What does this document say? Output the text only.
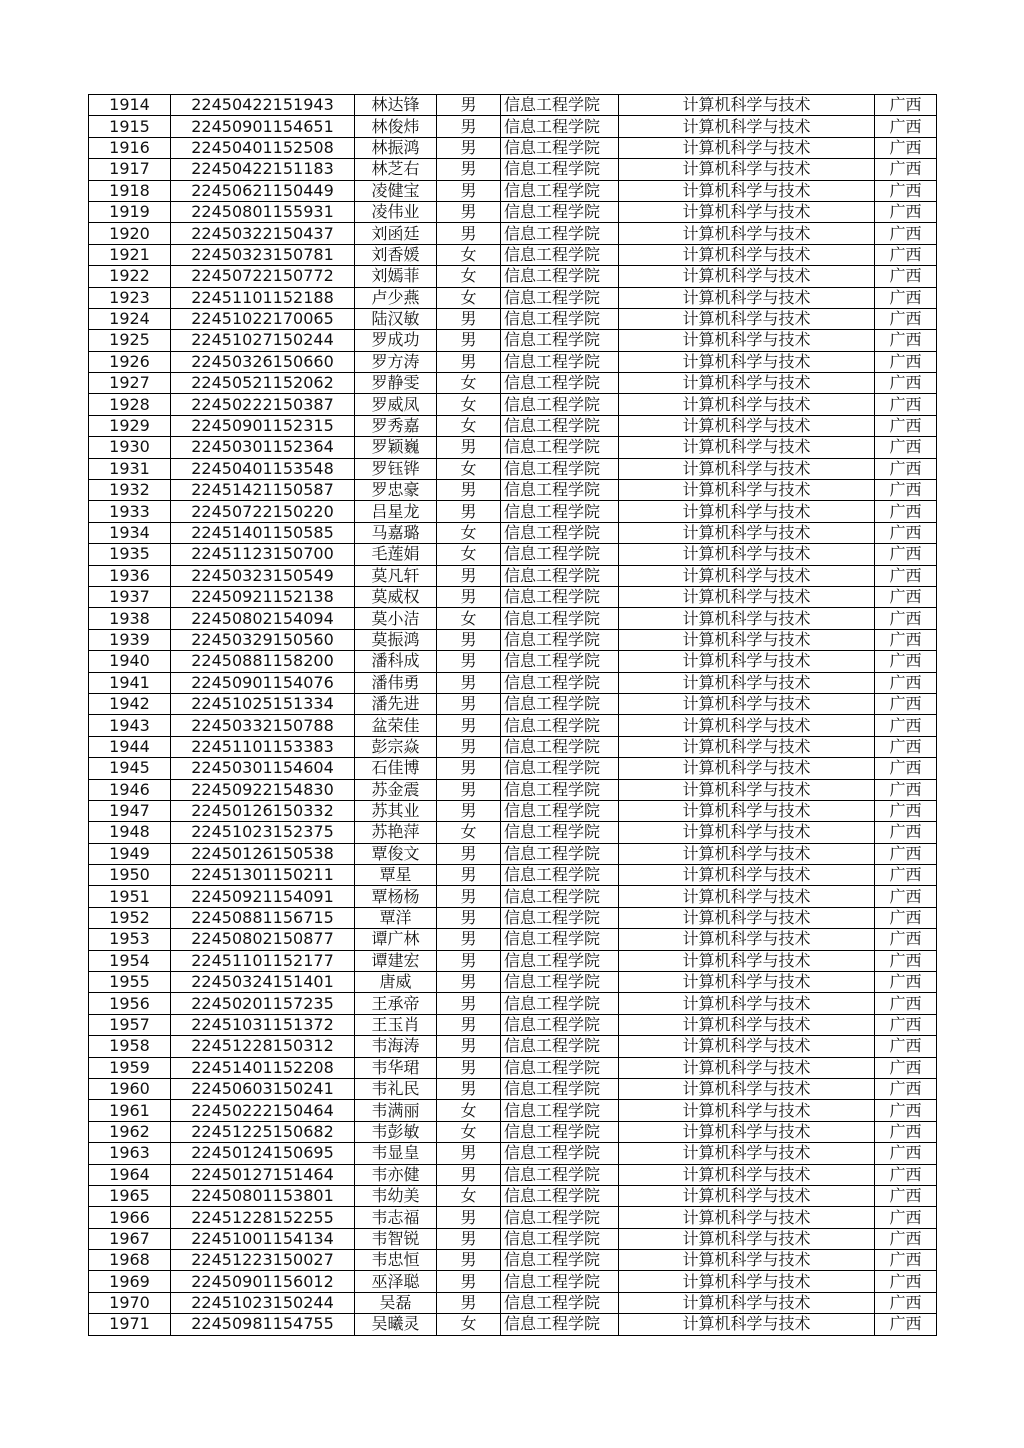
1914	22450422151943	林达锋	男	信息工程学院	计算机科学与技术	广西
1915	22450901154651	林俊炜	男	信息工程学院	计算机科学与技术	广西
1916	22450401152508	林振鸿	男	信息工程学院	计算机科学与技术	广西
1917	22450422151183	林芝右	男	信息工程学院	计算机科学与技术	广西
1918	22450621150449	凌健宝	男	信息工程学院	计算机科学与技术	广西
1919	22450801155931	凌伟业	男	信息工程学院	计算机科学与技术	广西
1920	22450322150437	刘函廷	男	信息工程学院	计算机科学与技术	广西
1921	22450323150781	刘香媛	女	信息工程学院	计算机科学与技术	广西
1922	22450722150772	刘嫣菲	女	信息工程学院	计算机科学与技术	广西
1923	22451101152188	卢少燕	女	信息工程学院	计算机科学与技术	广西
1924	22451022170065	陆汉敏	男	信息工程学院	计算机科学与技术	广西
1925	22451027150244	罗成功	男	信息工程学院	计算机科学与技术	广西
1926	22450326150660	罗方涛	男	信息工程学院	计算机科学与技术	广西
1927	22450521152062	罗静雯	女	信息工程学院	计算机科学与技术	广西
1928	22450222150387	罗威凤	女	信息工程学院	计算机科学与技术	广西
1929	22450901152315	罗秀嘉	女	信息工程学院	计算机科学与技术	广西
1930	22450301152364	罗颖巍	男	信息工程学院	计算机科学与技术	广西
1931	22450401153548	罗钰铧	女	信息工程学院	计算机科学与技术	广西
1932	22451421150587	罗忠豪	男	信息工程学院	计算机科学与技术	广西
1933	22450722150220	吕星龙	男	信息工程学院	计算机科学与技术	广西
1934	22451401150585	马嘉璐	女	信息工程学院	计算机科学与技术	广西
1935	22451123150700	毛莲娟	女	信息工程学院	计算机科学与技术	广西
1936	22450323150549	莫凡轩	男	信息工程学院	计算机科学与技术	广西
1937	22450921152138	莫威权	男	信息工程学院	计算机科学与技术	广西
1938	22450802154094	莫小洁	女	信息工程学院	计算机科学与技术	广西
1939	22450329150560	莫振鸿	男	信息工程学院	计算机科学与技术	广西
1940	22450881158200	潘科成	男	信息工程学院	计算机科学与技术	广西
1941	22450901154076	潘伟勇	男	信息工程学院	计算机科学与技术	广西
1942	22451025151334	潘先进	男	信息工程学院	计算机科学与技术	广西
1943	22450332150788	盆荣佳	男	信息工程学院	计算机科学与技术	广西
1944	22451101153383	彭宗焱	男	信息工程学院	计算机科学与技术	广西
1945	22450301154604	石佳博	男	信息工程学院	计算机科学与技术	广西
1946	22450922154830	苏金震	男	信息工程学院	计算机科学与技术	广西
1947	22450126150332	苏其业	男	信息工程学院	计算机科学与技术	广西
1948	22451023152375	苏艳萍	女	信息工程学院	计算机科学与技术	广西
1949	22450126150538	覃俊文	男	信息工程学院	计算机科学与技术	广西
1950	22451301150211	覃星	男	信息工程学院	计算机科学与技术	广西
1951	22450921154091	覃杨杨	男	信息工程学院	计算机科学与技术	广西
1952	22450881156715	覃洋	男	信息工程学院	计算机科学与技术	广西
1953	22450802150877	谭广林	男	信息工程学院	计算机科学与技术	广西
1954	22451101152177	谭建宏	男	信息工程学院	计算机科学与技术	广西
1955	22450324151401	唐威	男	信息工程学院	计算机科学与技术	广西
1956	22450201157235	王承帝	男	信息工程学院	计算机科学与技术	广西
1957	22451031151372	王玉肖	男	信息工程学院	计算机科学与技术	广西
1958	22451228150312	韦海涛	男	信息工程学院	计算机科学与技术	广西
1959	22451401152208	韦华珺	男	信息工程学院	计算机科学与技术	广西
1960	22450603150241	韦礼民	男	信息工程学院	计算机科学与技术	广西
1961	22450222150464	韦满丽	女	信息工程学院	计算机科学与技术	广西
1962	22451225150682	韦彭敏	女	信息工程学院	计算机科学与技术	广西
1963	22450124150695	韦显皇	男	信息工程学院	计算机科学与技术	广西
1964	22450127151464	韦亦健	男	信息工程学院	计算机科学与技术	广西
1965	22450801153801	韦幼美	女	信息工程学院	计算机科学与技术	广西
1966	22451228152255	韦志福	男	信息工程学院	计算机科学与技术	广西
1967	22451001154134	韦智锐	男	信息工程学院	计算机科学与技术	广西
1968	22451223150027	韦忠恒	男	信息工程学院	计算机科学与技术	广西
1969	22450901156012	巫泽聪	男	信息工程学院	计算机科学与技术	广西
1970	22451023150244	吴磊	男	信息工程学院	计算机科学与技术	广西
1971	22450981154755	吴曦灵	女	信息工程学院	计算机科学与技术	广西
